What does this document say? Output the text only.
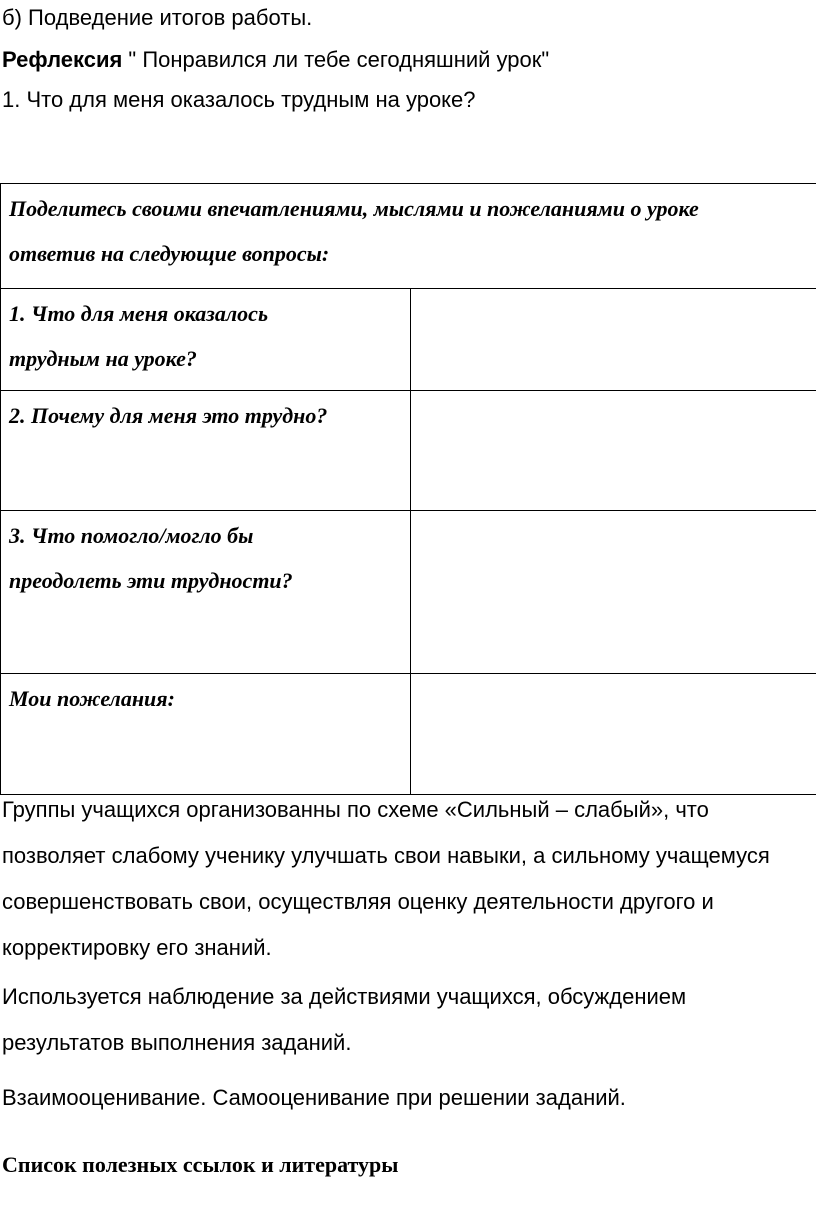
б) Подведение итогов работы.
Рефлексия " Понравился ли тебе сегодняшний урок"
1. Что для меня оказалось трудным на уроке?
Поделитесь своими впечатлениями, мыслями и пожеланиями о уроке
ответив на следующие вопросы:	

1. Что для меня оказалось
трудным на уроке?	

2. Почему для меня это трудно?	

3. Что помогло/могло бы
преодолеть эти трудности?	

Мои пожелания:	

Группы учащихся организованны по схеме «Сильный – слабый», что
позволяет слабому ученику улучшать свои навыки, а сильному учащемуся
совершенствовать свои, осуществляя оценку деятельности другого и
корректировку его знаний.
Используется наблюдение за действиями учащихся, обсуждением
результатов выполнения заданий.
Взаимооценивание. Самооценивание при решении заданий.
Список полезных ссылок и литературы
